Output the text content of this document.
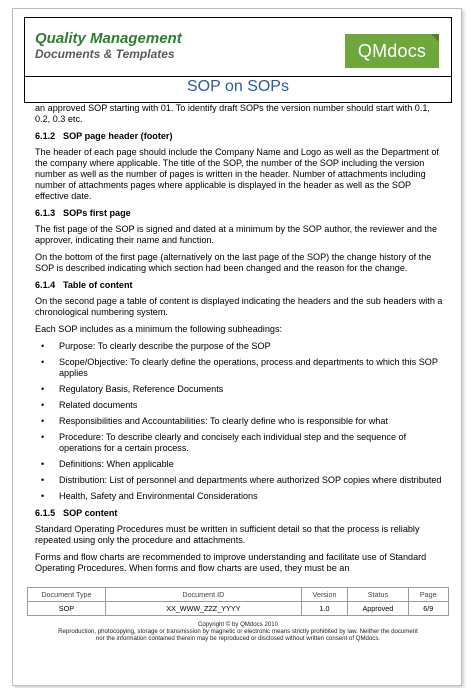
Quality Management
Documents & Templates	QMdocs
SOP on SOPs

an approved SOP starting with 01. To identify draft SOPs the version number should start with 0.1, 0.2, 0.3 etc.

6.1.2 SOP page header (footer)

The header of each page should include the Company Name and Logo as well as the Department of the company where applicable. The title of the SOP, the number of the SOP including the version number as well as the number of pages is written in the header. Number of attachments including number of attachments pages where applicable is displayed in the header as well as the SOP effective date.

6.1.3 SOPs first page

The fist page of the SOP is signed and dated at a minimum by the SOP author, the reviewer and the approver, indicating their name and function.

On the bottom of the first page (alternatively on the last page of the SOP) the change history of the SOP is described indicating which section had been changed and the reason for the change.

6.1.4 Table of content

On the second page a table of content is displayed indicating the headers and the sub headers with a chronological numbering system.

Each SOP includes as a minimum the following subheadings:

• Purpose: To clearly describe the purpose of the SOP
• Scope/Objective: To clearly define the operations, process and departments to which this SOP applies
• Regulatory Basis, Reference Documents
• Related documents
• Responsibilities and Accountabilities: To clearly define who is responsible for what
• Procedure: To describe clearly and concisely each individual step and the sequence of operations for a certain process.
• Definitions: When applicable
• Distribution: List of personnel and departments where authorized SOP copies where distributed
• Health, Safety and Environmental Considerations
6.1.5 SOP content

Standard Operating Procedures must be written in sufficient detail so that the process is reliably repeated using only the procedure and attachments.

Forms and flow charts are recommended to improve understanding and facilitate use of Standard Operating Procedures. When forms and flow charts are used, they must be an

Document Type	Document ID	Version	Status	Page
SOP	XX_WWW_ZZZ_YYYY	1.0	Approved	6/9
Copyright © by QMdocs 2010
Reproduction, photocopying, storage or transmission by magnetic or electronic means strictly prohibited by law. Neither the document
nor the information contained therein may be reproduced or disclosed without written consent of QMdocs.
